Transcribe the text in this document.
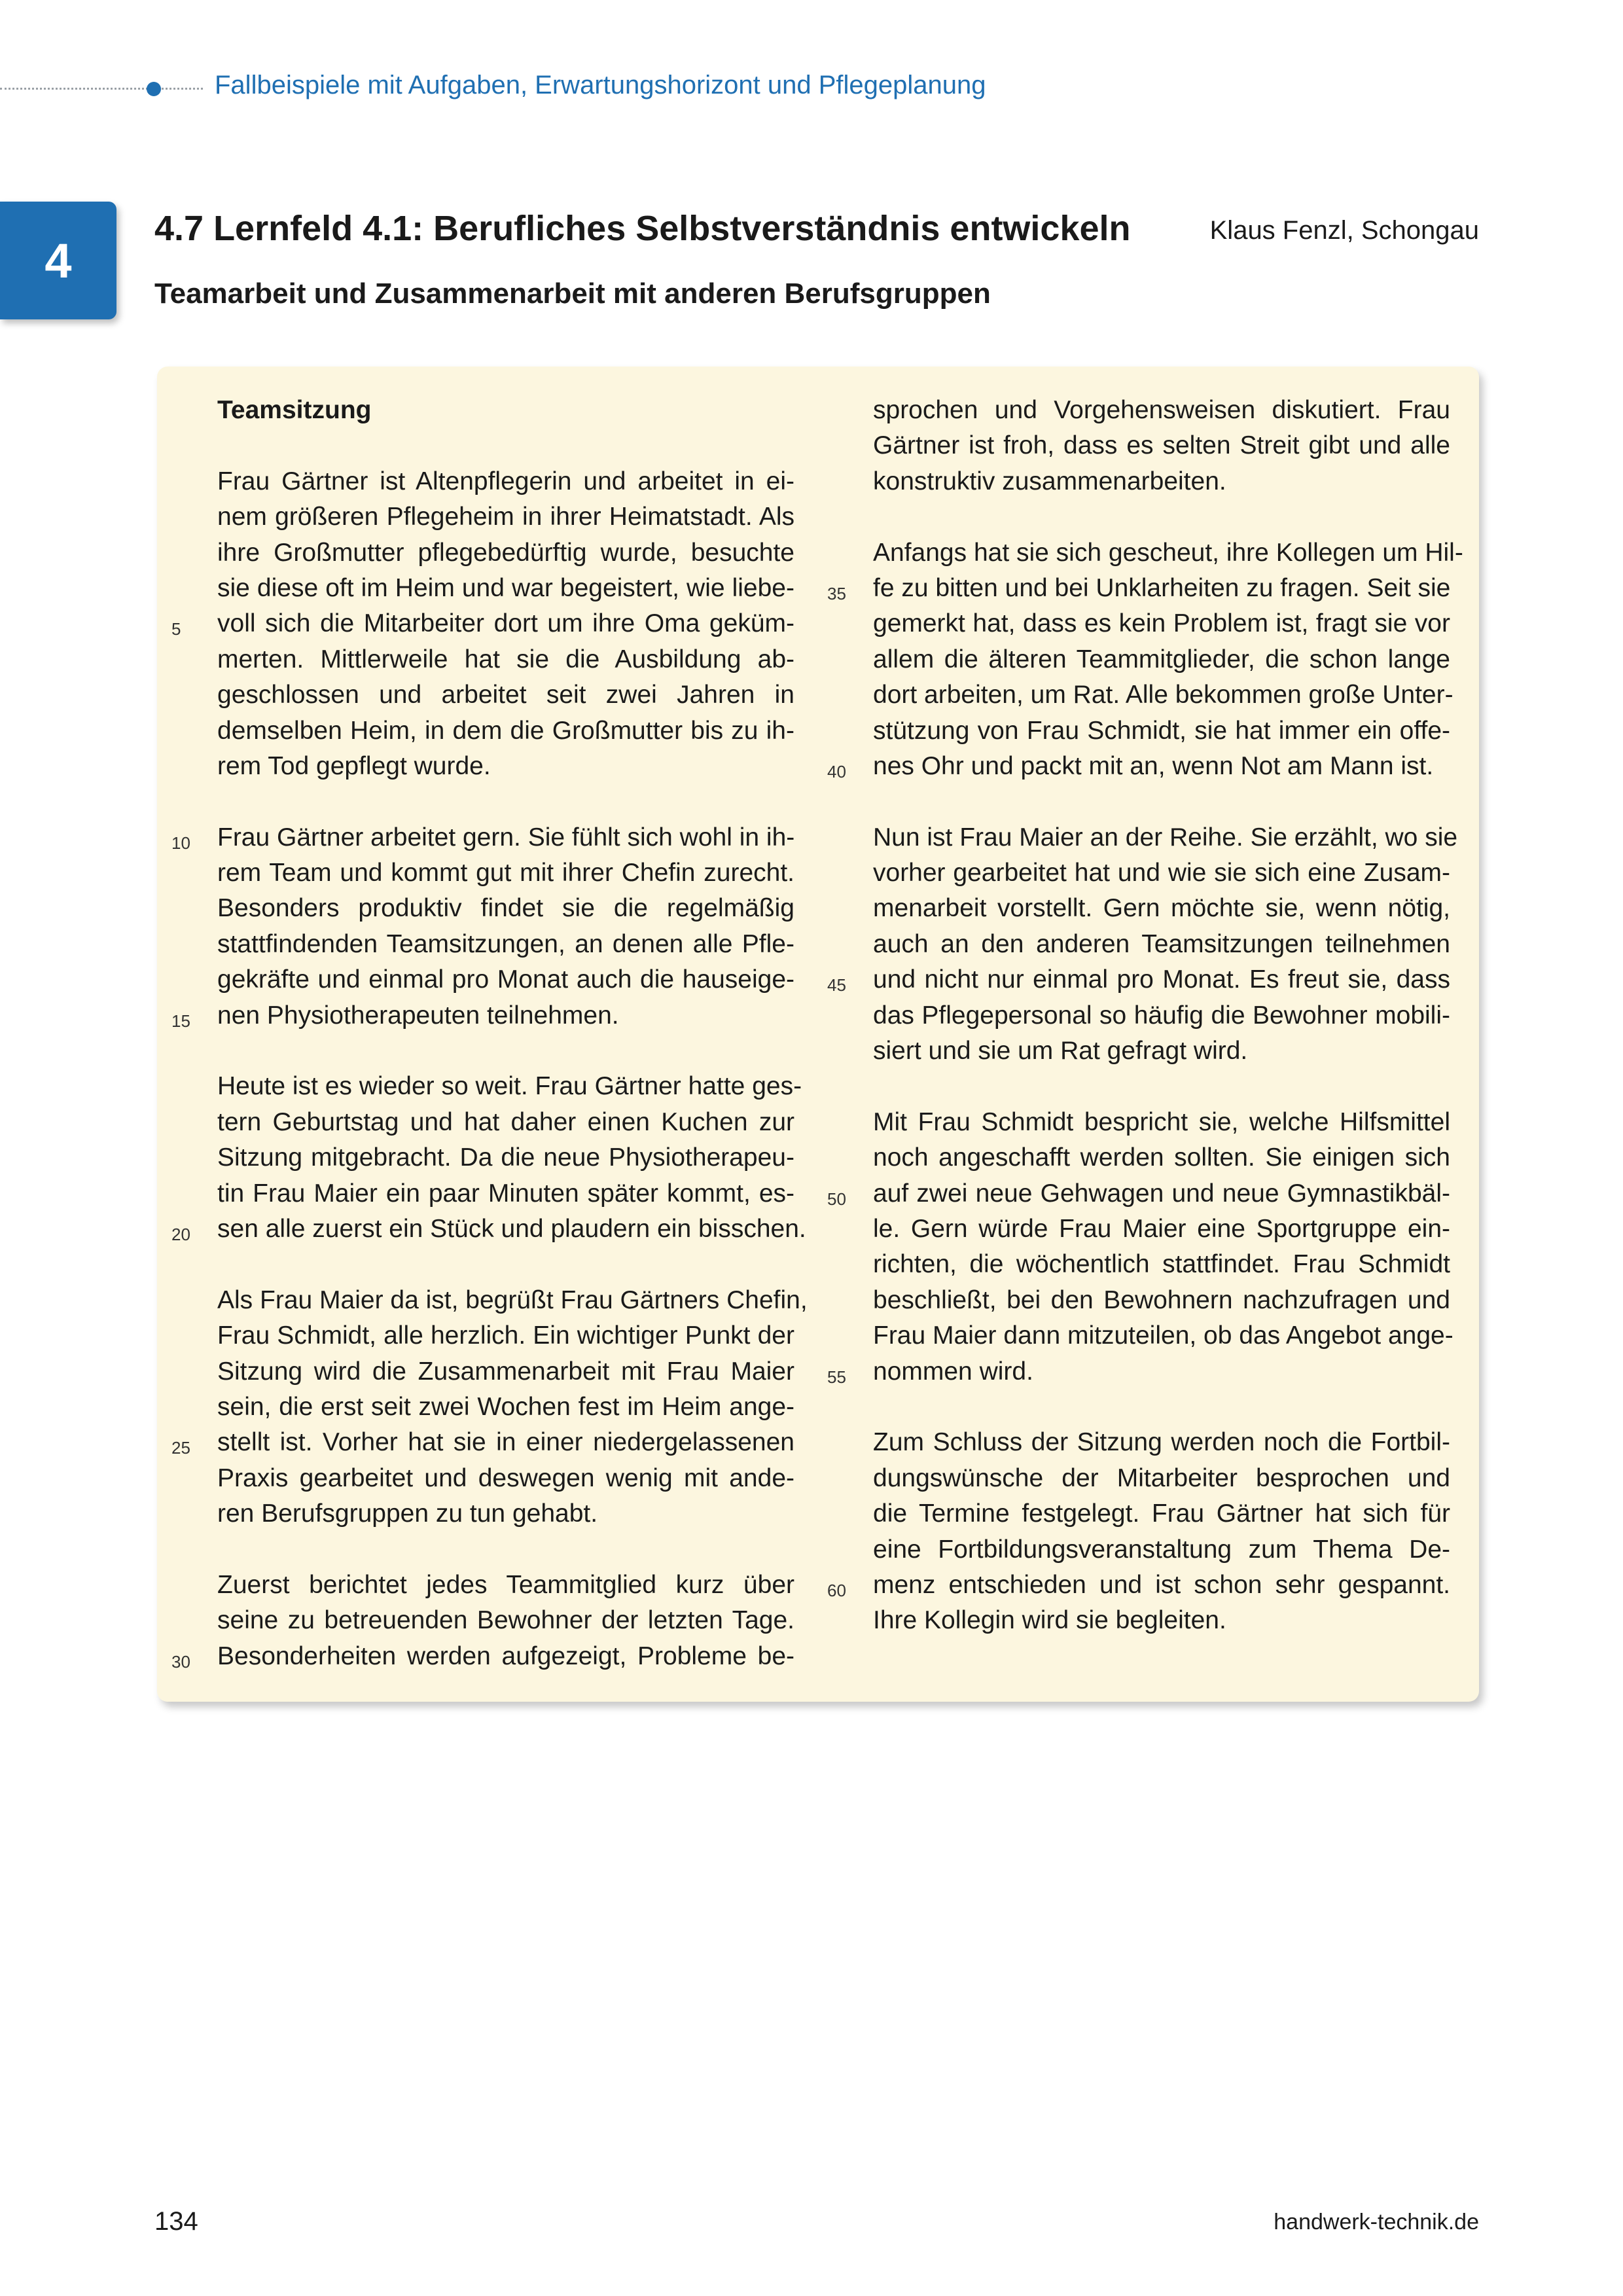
Fallbeispiele mit Aufgaben, Erwartungshorizont und Pflegeplanung
4
4.7 Lernfeld 4.1: Berufliches Selbstverständnis entwickeln	Klaus Fenzl, Schongau
Teamarbeit und Zusammenarbeit mit anderen Berufsgruppen
Teamsitzung
Frau Gärtner ist Altenpflegerin und arbeitet in ei-
nem größeren Pflegeheim in ihrer Heimatstadt. Als
ihre Großmutter pflegebedürftig wurde, besuchte
sie diese oft im Heim und war begeistert, wie liebe-
voll sich die Mitarbeiter dort um ihre Oma geküm-
5
merten. Mittlerweile hat sie die Ausbildung ab-
geschlossen und arbeitet seit zwei Jahren in
demselben Heim, in dem die Großmutter bis zu ih-
rem Tod gepflegt wurde.
Frau Gärtner arbeitet gern. Sie fühlt sich wohl in ih-
10
rem Team und kommt gut mit ihrer Chefin zurecht.
Besonders produktiv findet sie die regelmäßig
stattfindenden Teamsitzungen, an denen alle Pfle-
gekräfte und einmal pro Monat auch die hauseige-
nen Physiotherapeuten teilnehmen.
15
Heute ist es wieder so weit. Frau Gärtner hatte ges-
tern Geburtstag und hat daher einen Kuchen zur
Sitzung mitgebracht. Da die neue Physiotherapeu-
tin Frau Maier ein paar Minuten später kommt, es-
sen alle zuerst ein Stück und plaudern ein bisschen.
20
Als Frau Maier da ist, begrüßt Frau Gärtners Chefin,
Frau Schmidt, alle herzlich. Ein wichtiger Punkt der
Sitzung wird die Zusammenarbeit mit Frau Maier
sein, die erst seit zwei Wochen fest im Heim ange-
stellt ist. Vorher hat sie in einer niedergelassenen
25
Praxis gearbeitet und deswegen wenig mit ande-
ren Berufsgruppen zu tun gehabt.
Zuerst berichtet jedes Teammitglied kurz über
seine zu betreuenden Bewohner der letzten Tage.
Besonderheiten werden aufgezeigt, Probleme be-
30
sprochen und Vorgehensweisen diskutiert. Frau
Gärtner ist froh, dass es selten Streit gibt und alle
konstruktiv zusammenarbeiten.
Anfangs hat sie sich gescheut, ihre Kollegen um Hil-
fe zu bitten und bei Unklarheiten zu fragen. Seit sie
35
gemerkt hat, dass es kein Problem ist, fragt sie vor
allem die älteren Teammitglieder, die schon lange
dort arbeiten, um Rat. Alle bekommen große Unter-
stützung von Frau Schmidt, sie hat immer ein offe-
nes Ohr und packt mit an, wenn Not am Mann ist.
40
Nun ist Frau Maier an der Reihe. Sie erzählt, wo sie
vorher gearbeitet hat und wie sie sich eine Zusam-
menarbeit vorstellt. Gern möchte sie, wenn nötig,
auch an den anderen Teamsitzungen teilnehmen
und nicht nur einmal pro Monat. Es freut sie, dass
45
das Pflegepersonal so häufig die Bewohner mobili-
siert und sie um Rat gefragt wird.
Mit Frau Schmidt bespricht sie, welche Hilfsmittel
noch angeschafft werden sollten. Sie einigen sich
auf zwei neue Gehwagen und neue Gymnastikbäl-
50
le. Gern würde Frau Maier eine Sportgruppe ein-
richten, die wöchentlich stattfindet. Frau Schmidt
beschließt, bei den Bewohnern nachzufragen und
Frau Maier dann mitzuteilen, ob das Angebot ange-
nommen wird.
55
Zum Schluss der Sitzung werden noch die Fortbil-
dungswünsche der Mitarbeiter besprochen und
die Termine festgelegt. Frau Gärtner hat sich für
eine Fortbildungsveranstaltung zum Thema De-
menz entschieden und ist schon sehr gespannt.
60
Ihre Kollegin wird sie begleiten.
134	handwerk-technik.de
